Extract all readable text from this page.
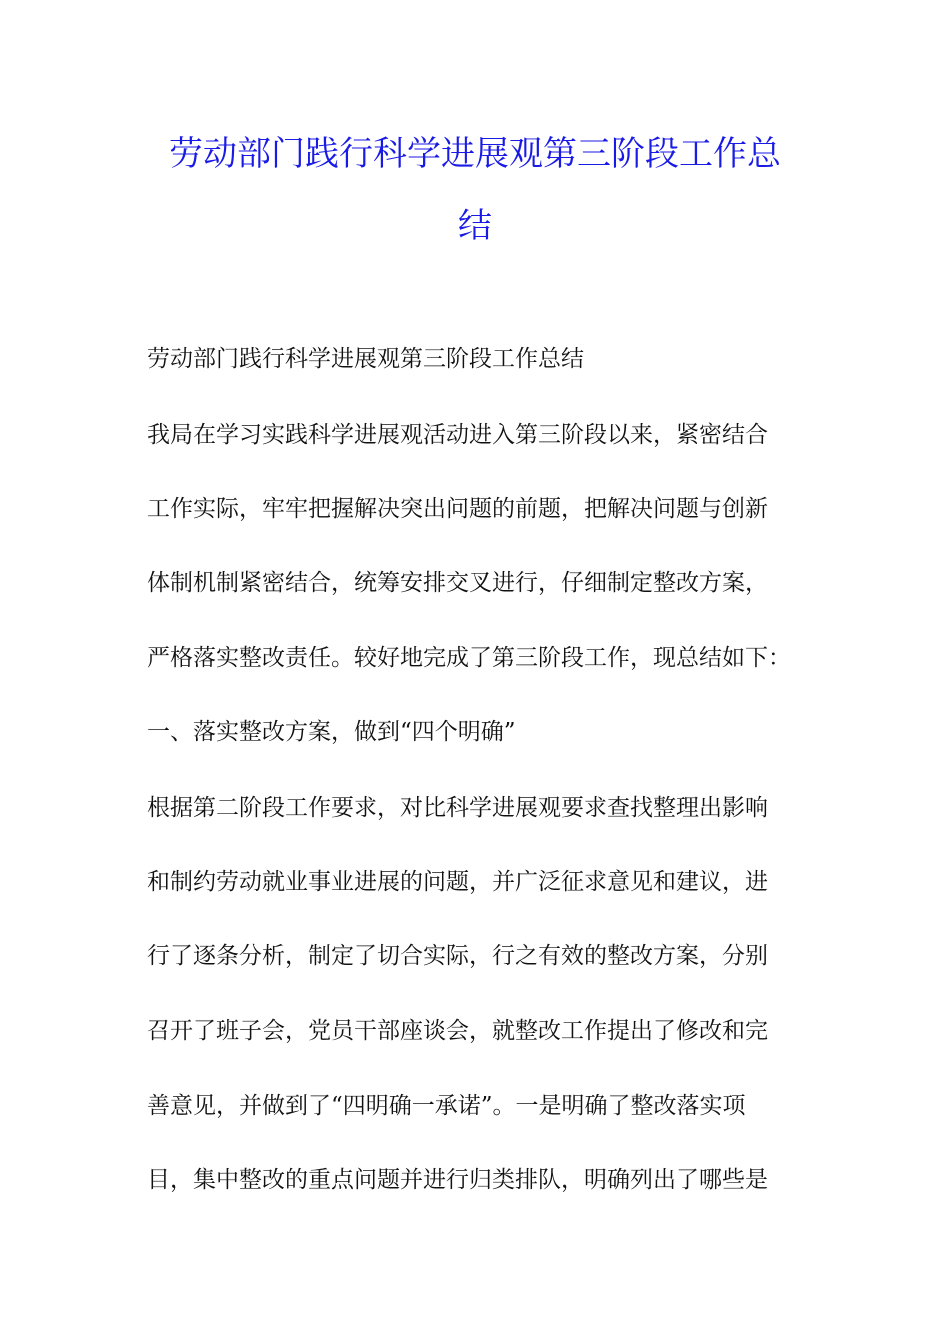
劳动部门践行科学进展观第三阶段工作总
结
劳动部门践行科学进展观第三阶段工作总结
我局在学习实践科学进展观活动进入第三阶段以来，紧密结合
工作实际，牢牢把握解决突出问题的前题，把解决问题与创新
体制机制紧密结合，统筹安排交叉进行，仔细制定整改方案，
严格落实整改责任。较好地完成了第三阶段工作，现总结如下：
一、落实整改方案，做到“四个明确”
根据第二阶段工作要求，对比科学进展观要求查找整理出影响
和制约劳动就业事业进展的问题，并广泛征求意见和建议，进
行了逐条分析，制定了切合实际，行之有效的整改方案，分别
召开了班子会，党员干部座谈会，就整改工作提出了修改和完
善意见，并做到了“四明确一承诺”。一是明确了整改落实项
目，集中整改的重点问题并进行归类排队，明确列出了哪些是
